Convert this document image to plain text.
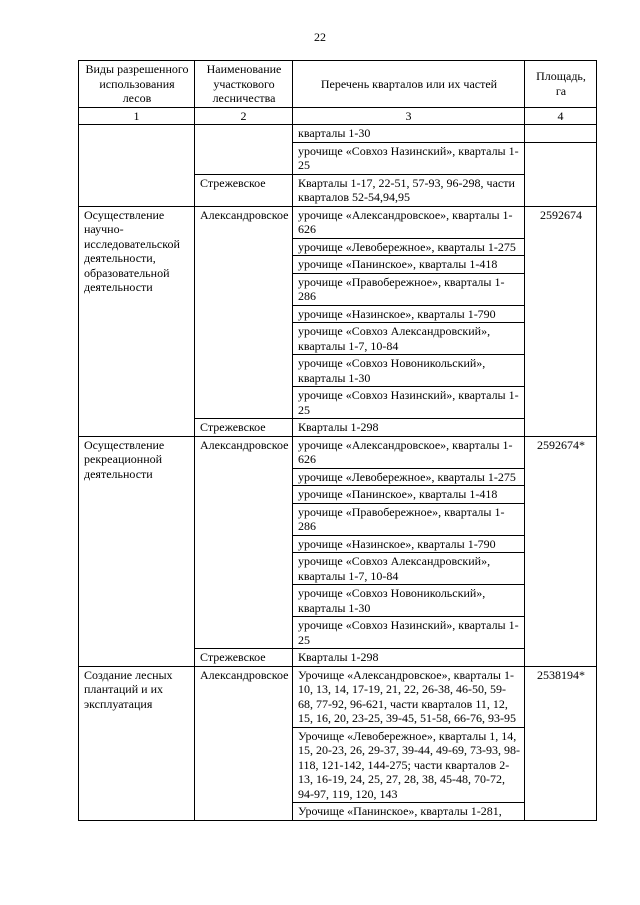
22
Виды разрешенного использования лесов	Наименование участкового лесничества	Перечень кварталов или их частей	Площадь, га
1	2	3	4
		кварталы 1-30	
		урочище «Совхоз Назинский», кварталы 1-25	
	Стрежевское	Кварталы 1-17, 22-51, 57-93, 96-298, части кварталов 52-54,94,95	
Осуществление научно-исследовательской деятельности, образовательной деятельности	Александровское	урочище «Александровское», кварталы 1-626	2592674
		урочище «Левобережное», кварталы 1-275	
		урочище «Панинское», кварталы 1-418	
		урочище «Правобережное», кварталы 1-286	
		урочище «Назинское», кварталы 1-790	
		урочище «Совхоз Александровский», кварталы 1-7, 10-84	
		урочище «Совхоз Новоникольский», кварталы 1-30	
		урочище «Совхоз Назинский», кварталы 1-25	
	Стрежевское	Кварталы 1-298	
Осуществление рекреационной деятельности	Александровское	урочище «Александровское», кварталы 1-626	2592674*
		урочище «Левобережное», кварталы 1-275	
		урочище «Панинское», кварталы 1-418	
		урочище «Правобережное», кварталы 1-286	
		урочище «Назинское», кварталы 1-790	
		урочище «Совхоз Александровский», кварталы 1-7, 10-84	
		урочище «Совхоз Новоникольский», кварталы 1-30	
		урочище «Совхоз Назинский», кварталы 1-25	
	Стрежевское	Кварталы 1-298	
Создание лесных плантаций и их эксплуатация	Александровское	Урочище «Александровское», кварталы 1-10, 13, 14, 17-19, 21, 22, 26-38, 46-50, 59-68, 77-92, 96-621, части кварталов 11, 12, 15, 16, 20, 23-25, 39-45, 51-58, 66-76, 93-95	2538194*
		Урочище «Левобережное», кварталы 1, 14, 15, 20-23, 26, 29-37, 39-44, 49-69, 73-93, 98-118, 121-142, 144-275; части кварталов 2-13, 16-19, 24, 25, 27, 28, 38, 45-48, 70-72, 94-97, 119, 120, 143	
		Урочище «Панинское», кварталы 1-281,	
